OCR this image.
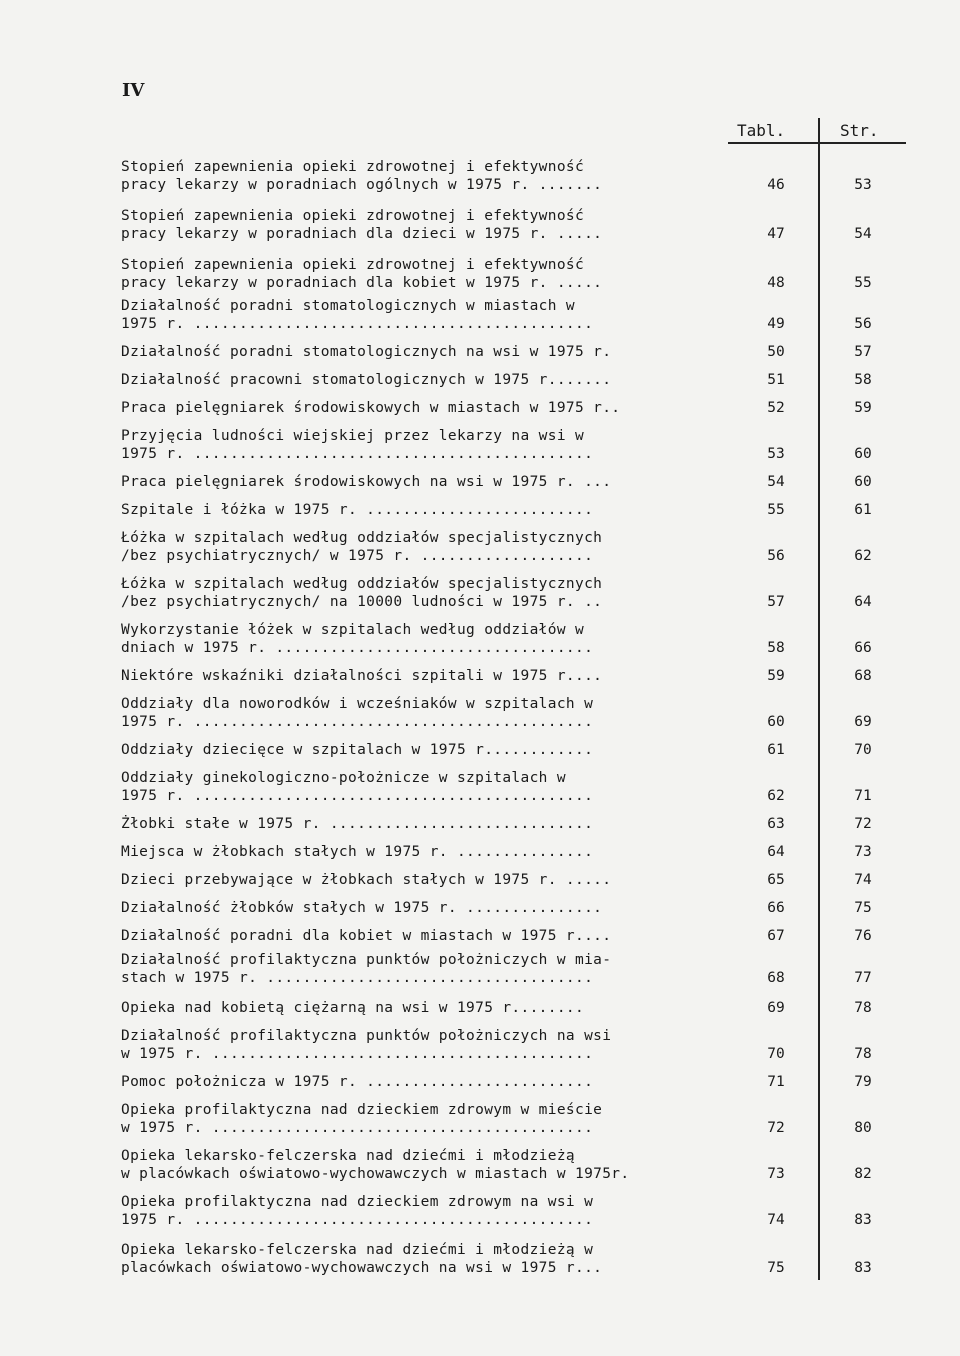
IV
Tabl.	Str.
Stopień zapewnienia opieki zdrowotnej i efektywność
pracy lekarzy w poradniach ogólnych w 1975 r. .......	46	53
Stopień zapewnienia opieki zdrowotnej i efektywność
pracy lekarzy w poradniach dla dzieci w 1975 r. .....	47	54
Stopień zapewnienia opieki zdrowotnej i efektywność
pracy lekarzy w poradniach dla kobiet w 1975 r. .....	48	55
Działalność poradni stomatologicznych w miastach w
1975 r. ............................................	49	56
Działalność poradni stomatologicznych na wsi w 1975 r.	50	57
Działalność pracowni stomatologicznych w 1975 r.......	51	58
Praca pielęgniarek środowiskowych w miastach w 1975 r..	52	59
Przyjęcia ludności wiejskiej przez lekarzy na wsi w
1975 r. ............................................	53	60
Praca pielęgniarek środowiskowych na wsi w 1975 r. ...	54	60
Szpitale i łóżka w 1975 r. .........................	55	61
Łóżka w szpitalach według oddziałów specjalistycznych
/bez psychiatrycznych/ w 1975 r. ...................	56	62
Łóżka w szpitalach według oddziałów specjalistycznych
/bez psychiatrycznych/ na 10000 ludności w 1975 r. ..	57	64
Wykorzystanie łóżek w szpitalach według oddziałów w
dniach w 1975 r. ...................................	58	66
Niektóre wskaźniki działalności szpitali w 1975 r....	59	68
Oddziały dla noworodków i wcześniaków w szpitalach w
1975 r. ............................................	60	69
Oddziały dziecięce w szpitalach w 1975 r............	61	70
Oddziały ginekologiczno-położnicze w szpitalach w
1975 r. ............................................	62	71
Żłobki stałe w 1975 r. .............................	63	72
Miejsca w żłobkach stałych w 1975 r. ...............	64	73
Dzieci przebywające w żłobkach stałych w 1975 r. .....	65	74
Działalność żłobków stałych w 1975 r. ...............	66	75
Działalność poradni dla kobiet w miastach w 1975 r....	67	76
Działalność profilaktyczna punktów położniczych w mia-
stach w 1975 r. ....................................	68	77
Opieka nad kobietą ciężarną na wsi w 1975 r........	69	78
Działalność profilaktyczna punktów położniczych na wsi
w 1975 r. ..........................................	70	78
Pomoc położnicza w 1975 r. .........................	71	79
Opieka profilaktyczna nad dzieckiem zdrowym w mieście
w 1975 r. ..........................................	72	80
Opieka lekarsko-felczerska nad dziećmi i młodzieżą
w placówkach oświatowo-wychowawczych w miastach w 1975r.	73	82
Opieka profilaktyczna nad dzieckiem zdrowym na wsi w
1975 r. ............................................	74	83
Opieka lekarsko-felczerska nad dziećmi i młodzieżą w
placówkach oświatowo-wychowawczych na wsi w 1975 r...	75	83
